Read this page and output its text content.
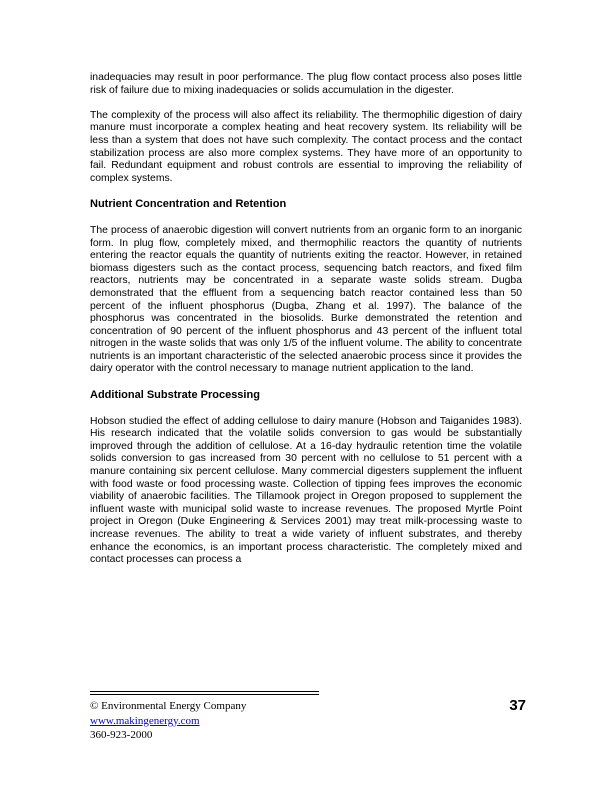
inadequacies may result in poor performance. The plug flow contact process also poses little risk of failure due to mixing inadequacies or solids accumulation in the digester.

The complexity of the process will also affect its reliability. The thermophilic digestion of dairy manure must incorporate a complex heating and heat recovery system. Its reliability will be less than a system that does not have such complexity. The contact process and the contact stabilization process are also more complex systems. They have more of an opportunity to fail. Redundant equipment and robust controls are essential to improving the reliability of complex systems.

Nutrient Concentration and Retention

The process of anaerobic digestion will convert nutrients from an organic form to an inorganic form. In plug flow, completely mixed, and thermophilic reactors the quantity of nutrients entering the reactor equals the quantity of nutrients exiting the reactor. However, in retained biomass digesters such as the contact process, sequencing batch reactors, and fixed film reactors, nutrients may be concentrated in a separate waste solids stream. Dugba demonstrated that the effluent from a sequencing batch reactor contained less than 50 percent of the influent phosphorus (Dugba, Zhang et al. 1997). The balance of the phosphorus was concentrated in the biosolids. Burke demonstrated the retention and concentration of 90 percent of the influent phosphorus and 43 percent of the influent total nitrogen in the waste solids that was only 1/5 of the influent volume. The ability to concentrate nutrients is an important characteristic of the selected anaerobic process since it provides the dairy operator with the control necessary to manage nutrient application to the land.

Additional Substrate Processing

Hobson studied the effect of adding cellulose to dairy manure (Hobson and Taiganides 1983). His research indicated that the volatile solids conversion to gas would be substantially improved through the addition of cellulose. At a 16-day hydraulic retention time the volatile solids conversion to gas increased from 30 percent with no cellulose to 51 percent with a manure containing six percent cellulose. Many commercial digesters supplement the influent with food waste or food processing waste. Collection of tipping fees improves the economic viability of anaerobic facilities. The Tillamook project in Oregon proposed to supplement the influent waste with municipal solid waste to increase revenues. The proposed Myrtle Point project in Oregon (Duke Engineering & Services 2001) may treat milk-processing waste to increase revenues. The ability to treat a wide variety of influent substrates, and thereby enhance the economics, is an important process characteristic. The completely mixed and contact processes can process a

© Environmental Energy Company
www.makingenergy.com
360-923-2000
37
